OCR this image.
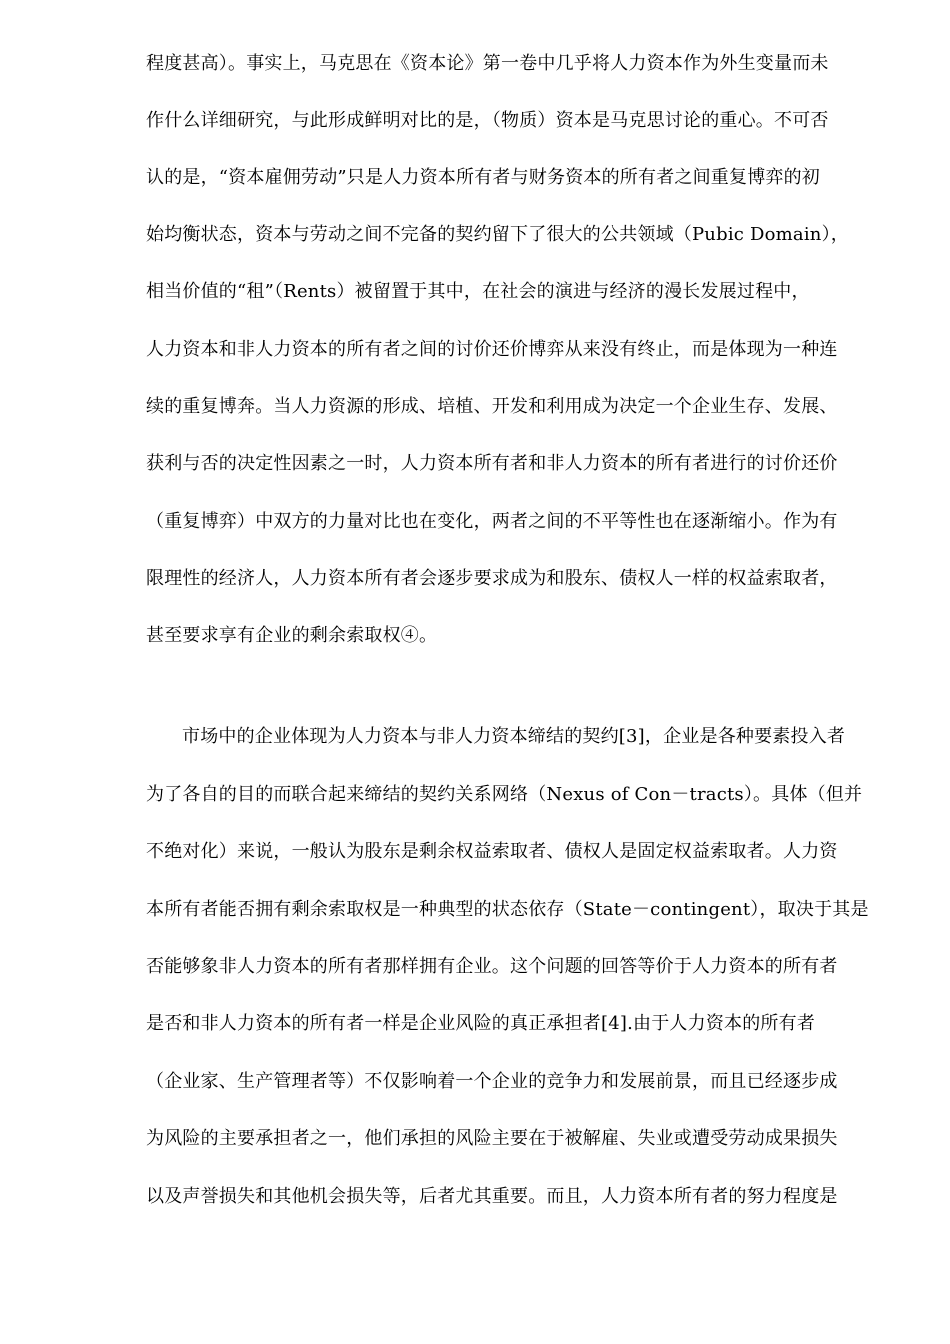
程度甚高）。事实上，马克思在《资本论》第一卷中几乎将人力资本作为外生变量而未
作什么详细研究，与此形成鲜明对比的是，（物质）资本是马克思讨论的重心。不可否
认的是，“资本雇佣劳动”只是人力资本所有者与财务资本的所有者之间重复博弈的初
始均衡状态，资本与劳动之间不完备的契约留下了很大的公共领域（Pubic Domain），
相当价值的“租”（Rents）被留置于其中，在社会的演进与经济的漫长发展过程中，
人力资本和非人力资本的所有者之间的讨价还价博弈从来没有终止，而是体现为一种连
续的重复博奔。当人力资源的形成、培植、开发和利用成为决定一个企业生存、发展、
获利与否的决定性因素之一时，人力资本所有者和非人力资本的所有者进行的讨价还价
（重复博弈）中双方的力量对比也在变化，两者之间的不平等性也在逐渐缩小。作为有
限理性的经济人，人力资本所有者会逐步要求成为和股东、债权人一样的权益索取者，
甚至要求享有企业的剩余索取权④。
市场中的企业体现为人力资本与非人力资本缔结的契约[3]，企业是各种要素投入者
为了各自的目的而联合起来缔结的契约关系网络（Nexus of Con－tracts）。具体（但并
不绝对化）来说，一般认为股东是剩余权益索取者、债权人是固定权益索取者。人力资
本所有者能否拥有剩余索取权是一种典型的状态依存（State－contingent），取决于其是
否能够象非人力资本的所有者那样拥有企业。这个问题的回答等价于人力资本的所有者
是否和非人力资本的所有者一样是企业风险的真正承担者[4].由于人力资本的所有者
（企业家、生产管理者等）不仅影响着一个企业的竞争力和发展前景，而且已经逐步成
为风险的主要承担者之一，他们承担的风险主要在于被解雇、失业或遭受劳动成果损失
以及声誉损失和其他机会损失等，后者尤其重要。而且，人力资本所有者的努力程度是
